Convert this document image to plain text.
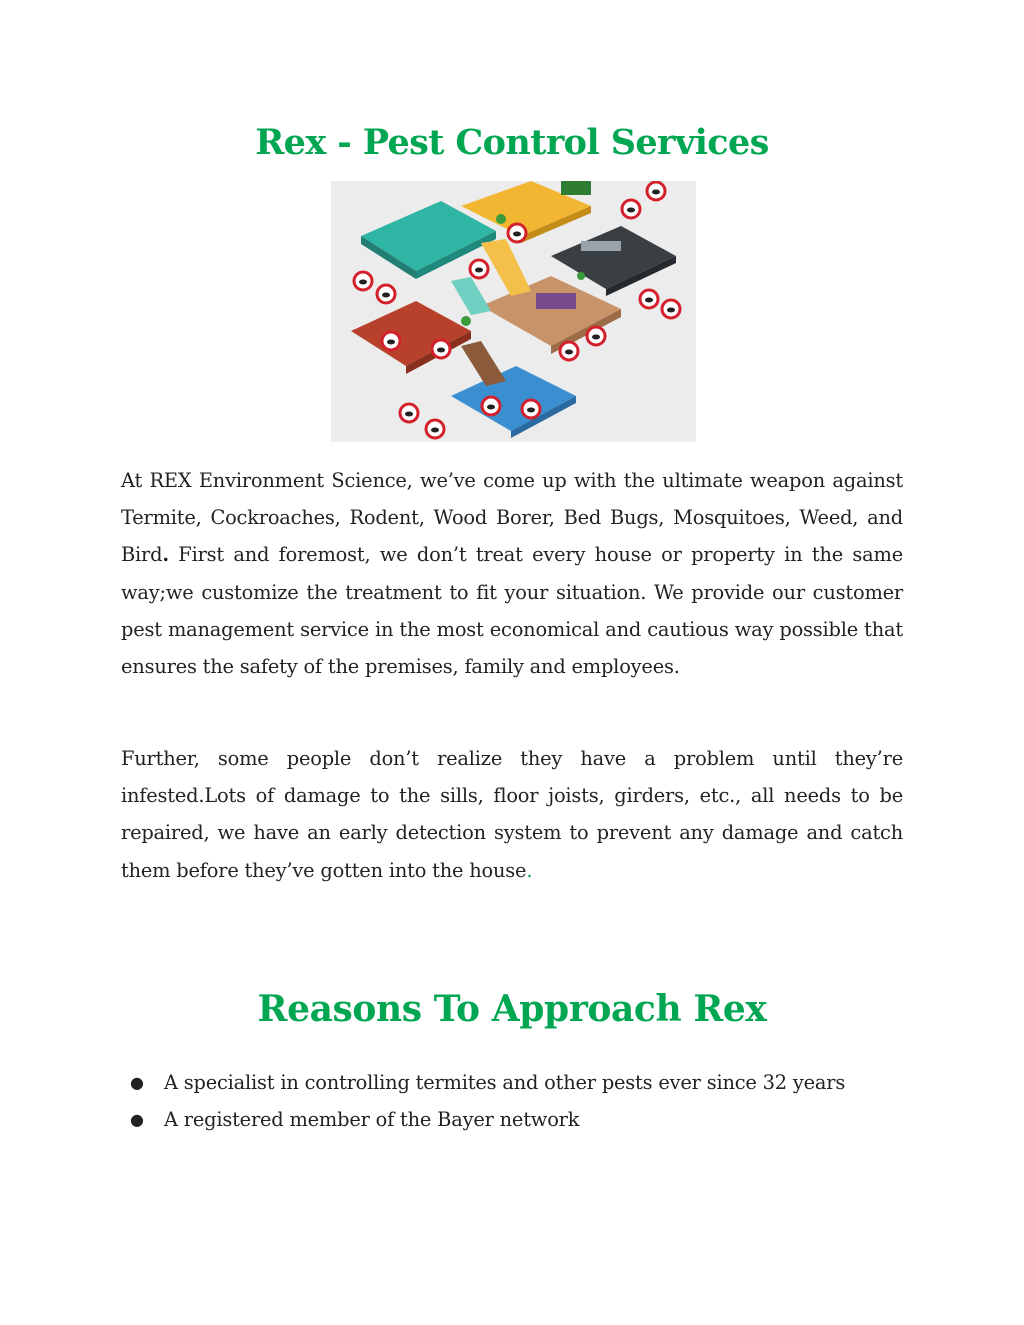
Rex - Pest Control Services

At REX Environment Science, we’ve come up with the ultimate weapon against Termite, Cockroaches, Rodent, Wood Borer, Bed Bugs, Mosquitoes, Weed, and Bird. First and foremost, we don’t treat every house or property in the same way;we customize the treatment to fit your situation. We provide our customer pest management service in the most economical and cautious way possible that ensures the safety of the premises, family and employees.

Further, some people don’t realize they have a problem until they’re infested.Lots of damage to the sills, floor joists, girders, etc., all needs to be repaired, we have an early detection system to prevent any damage and catch them before they’ve gotten into the house.

Reasons To Approach Rex
● A specialist in controlling termites and other pests ever since 32 years
● A registered member of the Bayer network
